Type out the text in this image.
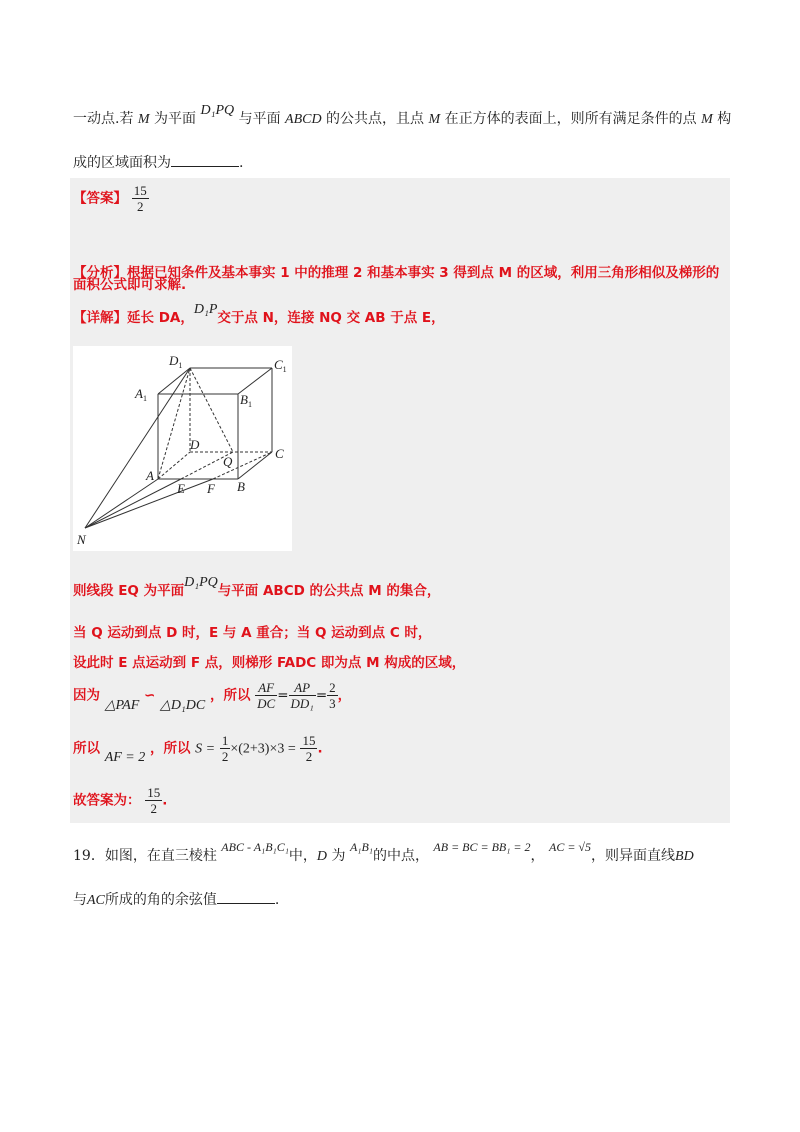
一动点.若 M 为平面 D₁PQ 与平面 ABCD 的公共点，且点 M 在正方体的表面上，则所有满足条件的点 M 构
成的区域面积为	.
【答案】 $\frac{15}{2}$
【分析】根据已知条件及基本事实 1 中的推理 2 和基本事实 3 得到点 M 的区域，利用三角形相似及梯形的
面积公式即可求解.
【详解】延长 DA，D₁P交于点 N，连接 NQ 交 AB 于点 E，
$D_1$	$C_1$
$A_1$	$B_1$
D
C
Q
A
E F B
N
则线段 EQ 为平面D₁PQ与平面 ABCD 的公共点 M 的集合，
当 Q 运动到点 D 时，E 与 A 重合；当 Q 运动到点 C 时，
设此时 E 点运动到 F 点，则梯形 FADC 即为点 M 构成的区域，
因为 △PAF ∽ △D₁DC ，所以 $\frac{AF}{DC} = \frac{AP}{\text{DD₁}} = \frac{2}{3}$ ，
所以 AF = 2 ，所以 $S = \frac{1}{2} \times(2+3)\times 3 = \frac{15}{2}$ .
故答案为： $\frac{15}{2}$ .
19．如图，在直三棱柱 ABC - A₁B₁C₁中，D 为 A₁B₁的中点， AB = BC = BB₁ = 2， AC = √5，则异面直线BD
与AC所成的角的余弦值	.
